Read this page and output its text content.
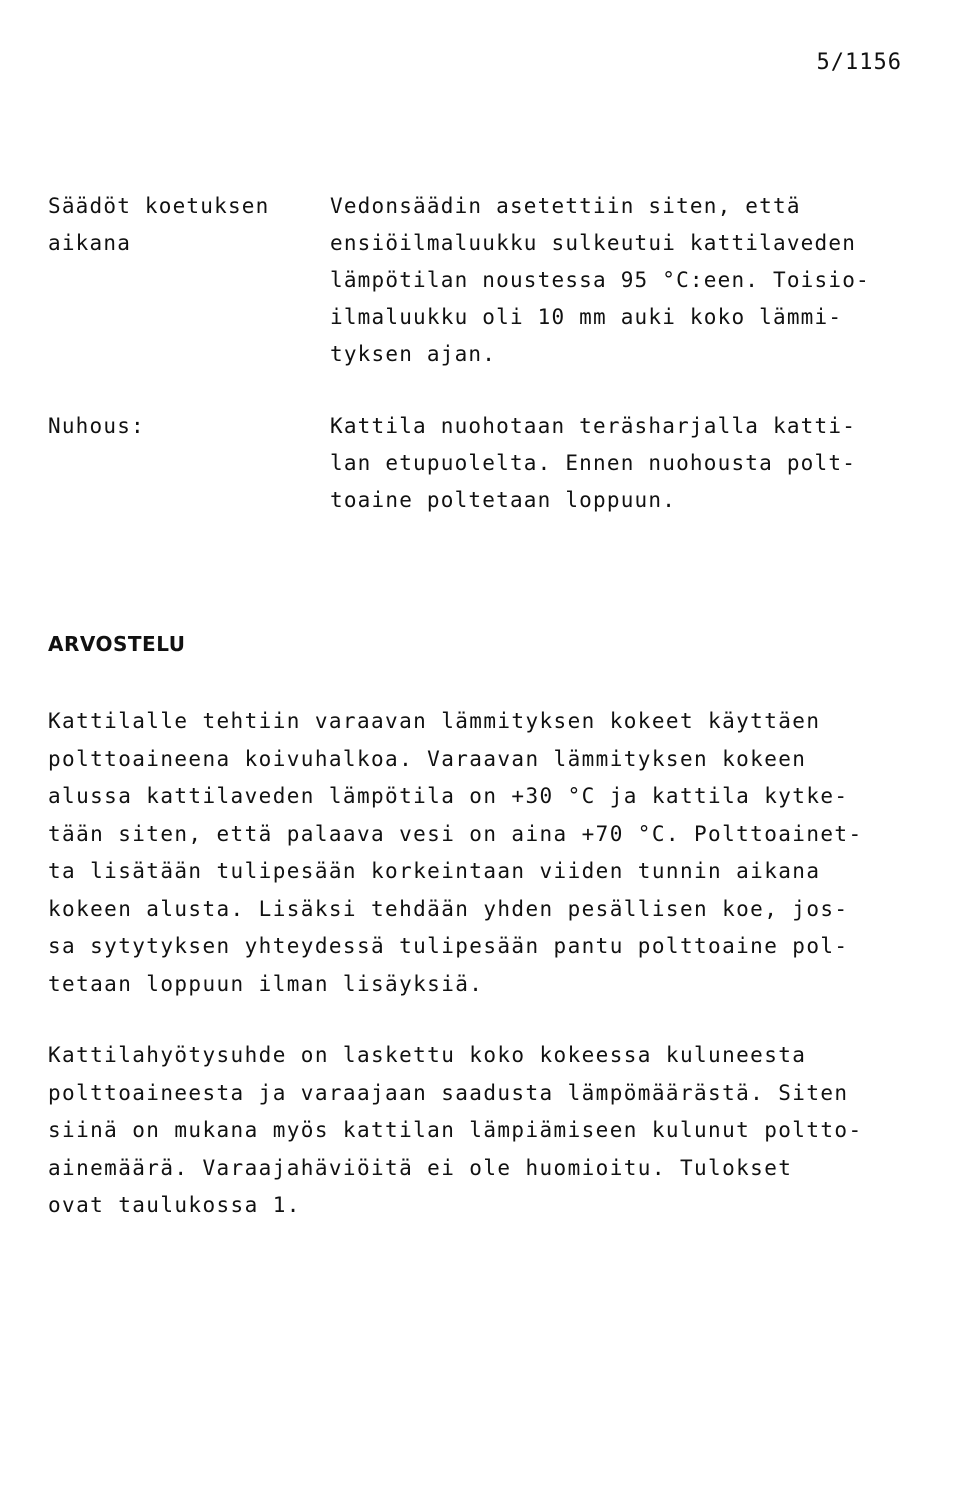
5/1156
Säädöt koetuksen
aikana
Vedonsäädin asetettiin siten, että
ensiöilmaluukku sulkeutui kattilaveden
lämpötilan noustessa 95 °C:een. Toisio-
ilmaluukku oli 10 mm auki koko lämmi-
tyksen ajan.
Nuhous:	Kattila nuohotaan teräsharjalla katti-
lan etupuolelta. Ennen nuohousta polt-
toaine poltetaan loppuun.
ARVOSTELU
Kattilalle tehtiin varaavan lämmityksen kokeet käyttäen
polttoaineena koivuhalkoa. Varaavan lämmityksen kokeen
alussa kattilaveden lämpötila on +30 °C ja kattila kytke-
tään siten, että palaava vesi on aina +70 °C. Polttoainet-
ta lisätään tulipesään korkeintaan viiden tunnin aikana
kokeen alusta. Lisäksi tehdään yhden pesällisen koe, jos-
sa sytytyksen yhteydessä tulipesään pantu polttoaine pol-
tetaan loppuun ilman lisäyksiä.
Kattilahyötysuhde on laskettu koko kokeessa kuluneesta
polttoaineesta ja varaajaan saadusta lämpömäärästä. Siten
siinä on mukana myös kattilan lämpiämiseen kulunut poltto-
ainemäärä. Varaajahäviöitä ei ole huomioitu. Tulokset
ovat taulukossa 1.
